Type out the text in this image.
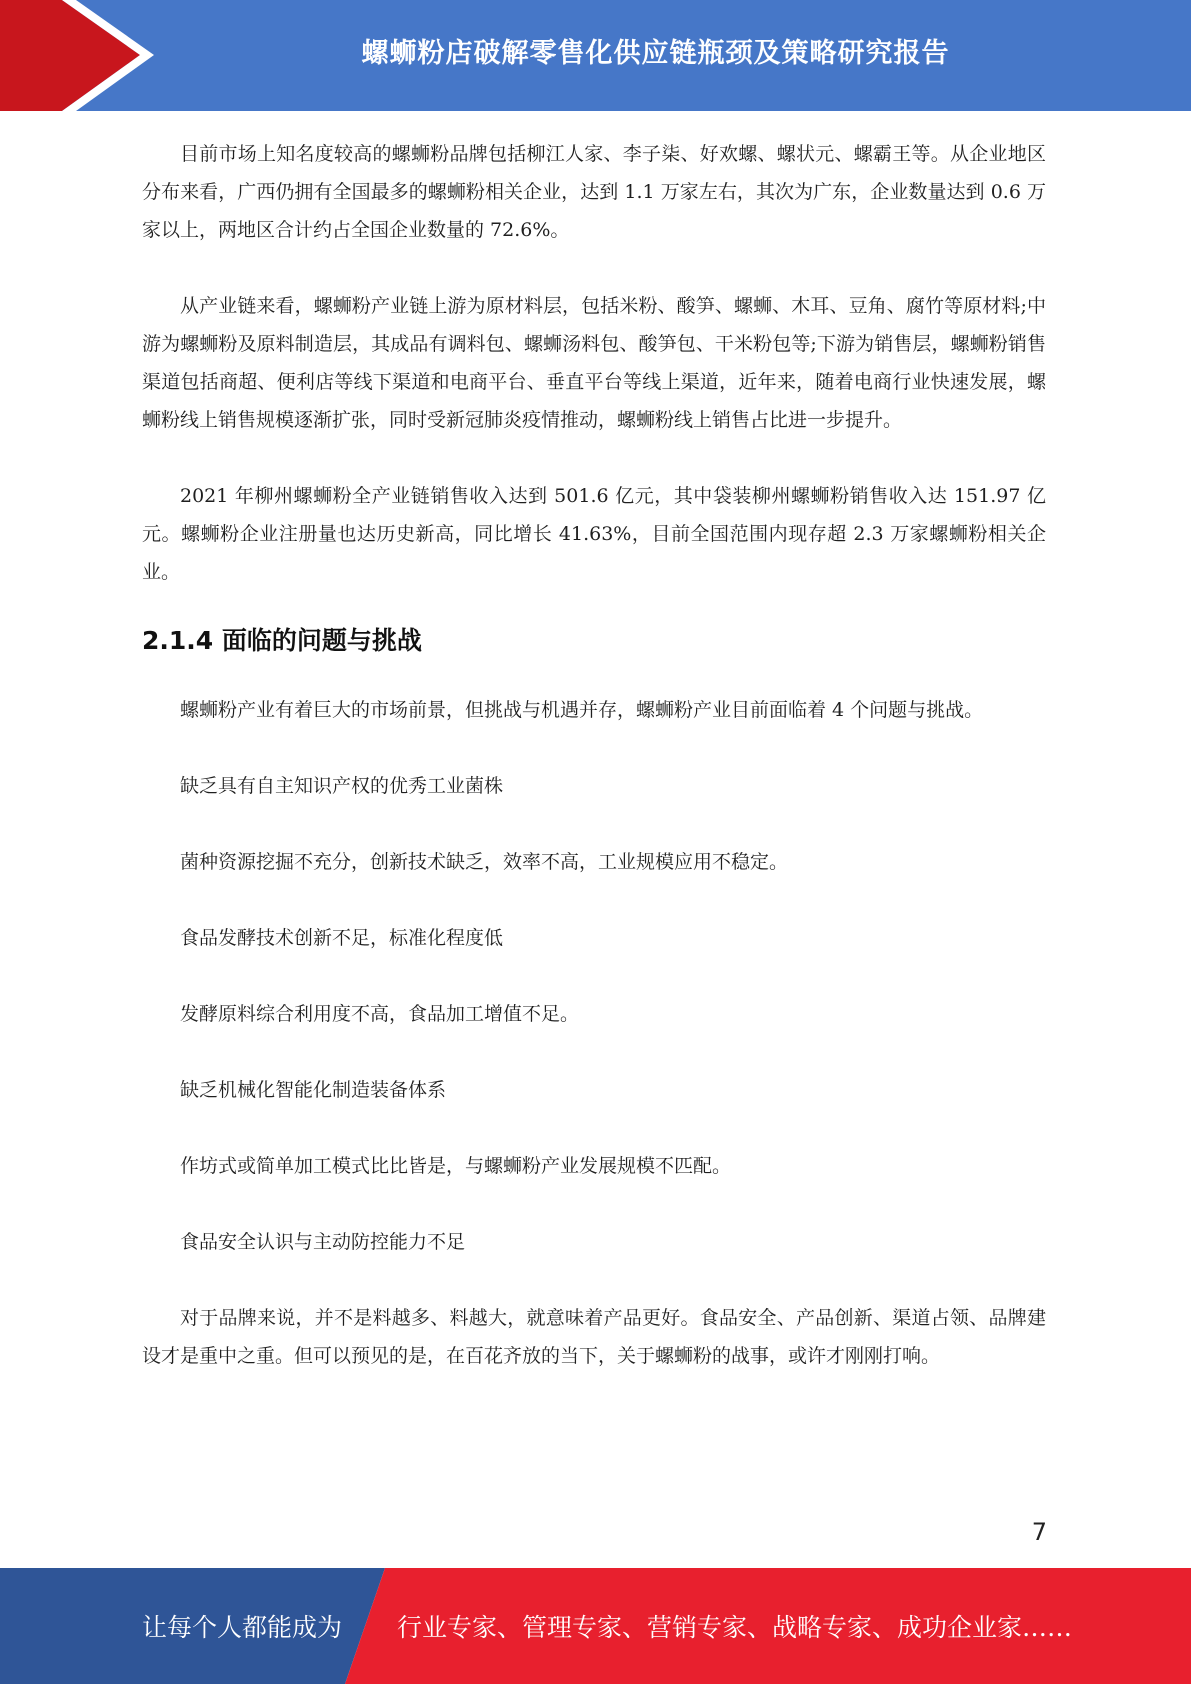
螺蛳粉店破解零售化供应链瓶颈及策略研究报告

目前市场上知名度较高的螺蛳粉品牌包括柳江人家、李子柒、好欢螺、螺状元、螺霸王等。从企业地区分布来看，广西仍拥有全国最多的螺蛳粉相关企业，达到 1.1 万家左右，其次为广东，企业数量达到 0.6 万家以上，两地区合计约占全国企业数量的 72.6%。

从产业链来看，螺蛳粉产业链上游为原材料层，包括米粉、酸笋、螺蛳、木耳、豆角、腐竹等原材料;中游为螺蛳粉及原料制造层，其成品有调料包、螺蛳汤料包、酸笋包、干米粉包等;下游为销售层，螺蛳粉销售渠道包括商超、便利店等线下渠道和电商平台、垂直平台等线上渠道，近年来，随着电商行业快速发展，螺蛳粉线上销售规模逐渐扩张，同时受新冠肺炎疫情推动，螺蛳粉线上销售占比进一步提升。

2021 年柳州螺蛳粉全产业链销售收入达到 501.6 亿元，其中袋装柳州螺蛳粉销售收入达 151.97 亿元。螺蛳粉企业注册量也达历史新高，同比增长 41.63%，目前全国范围内现存超 2.3 万家螺蛳粉相关企业。

2.1.4 面临的问题与挑战

螺蛳粉产业有着巨大的市场前景，但挑战与机遇并存，螺蛳粉产业目前面临着 4 个问题与挑战。

缺乏具有自主知识产权的优秀工业菌株

菌种资源挖掘不充分，创新技术缺乏，效率不高，工业规模应用不稳定。

食品发酵技术创新不足，标准化程度低

发酵原料综合利用度不高，食品加工增值不足。

缺乏机械化智能化制造装备体系

作坊式或简单加工模式比比皆是，与螺蛳粉产业发展规模不匹配。

食品安全认识与主动防控能力不足

对于品牌来说，并不是料越多、料越大，就意味着产品更好。食品安全、产品创新、渠道占领、品牌建设才是重中之重。但可以预见的是，在百花齐放的当下，关于螺蛳粉的战事，或许才刚刚打响。

7
让每个人都能成为 行业专家、管理专家、营销专家、战略专家、成功企业家……
